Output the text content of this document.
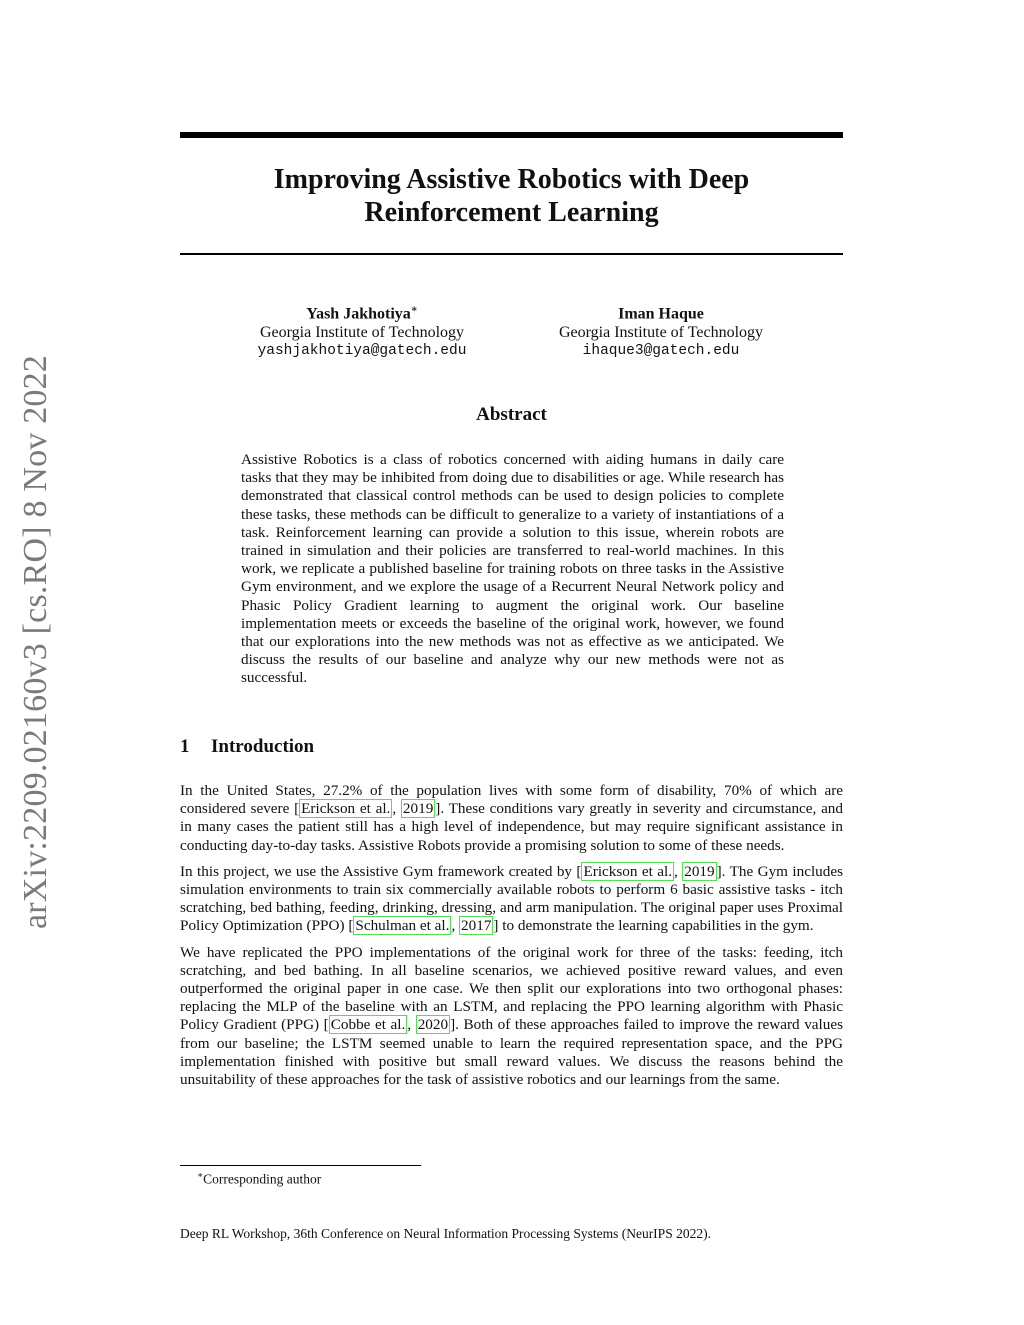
arXiv:2209.02160v3 [cs.RO] 8 Nov 2022
Improving Assistive Robotics with Deep
Reinforcement Learning
Yash Jakhotiya∗
Georgia Institute of Technology
yashjakhotiya@gatech.edu
Iman Haque
Georgia Institute of Technology
ihaque3@gatech.edu
Abstract

Assistive Robotics is a class of robotics concerned with aiding humans in daily care tasks that they may be inhibited from doing due to disabilities or age. While research has demonstrated that classical control methods can be used to design policies to complete these tasks, these methods can be difficult to generalize to a variety of instantiations of a task. Reinforcement learning can provide a solution to this issue, wherein robots are trained in simulation and their policies are transferred to real-world machines. In this work, we replicate a published baseline for training robots on three tasks in the Assistive Gym environment, and we explore the usage of a Recurrent Neural Network policy and Phasic Policy Gradient learning to augment the original work. Our baseline implementation meets or exceeds the baseline of the original work, however, we found that our explorations into the new methods was not as effective as we anticipated. We discuss the results of our baseline and analyze why our new methods were not as successful.

1 Introduction

In the United States, 27.2% of the population lives with some form of disability, 70% of which are considered severe [ Erickson et al. , 2019 ]. These conditions vary greatly in severity and circumstance, and in many cases the patient still has a high level of independence, but may require significant assistance in conducting day-to-day tasks. Assistive Robots provide a promising solution to some of these needs.

In this project, we use the Assistive Gym framework created by [ Erickson et al. , 2019 ]. The Gym includes simulation environments to train six commercially available robots to perform 6 basic assistive tasks - itch scratching, bed bathing, feeding, drinking, dressing, and arm manipulation. The original paper uses Proximal Policy Optimization (PPO) [ Schulman et al. , 2017 ] to demonstrate the learning capabilities in the gym.

We have replicated the PPO implementations of the original work for three of the tasks: feeding, itch scratching, and bed bathing. In all baseline scenarios, we achieved positive reward values, and even outperformed the original paper in one case. We then split our explorations into two orthogonal phases: replacing the MLP of the baseline with an LSTM, and replacing the PPO learning algorithm with Phasic Policy Gradient (PPG) [ Cobbe et al. , 2020 ]. Both of these approaches failed to improve the reward values from our baseline; the LSTM seemed unable to learn the required representation space, and the PPG implementation finished with positive but small reward values. We discuss the reasons behind the unsuitability of these approaches for the task of assistive robotics and our learnings from the same.

∗Corresponding author
Deep RL Workshop, 36th Conference on Neural Information Processing Systems (NeurIPS 2022).
